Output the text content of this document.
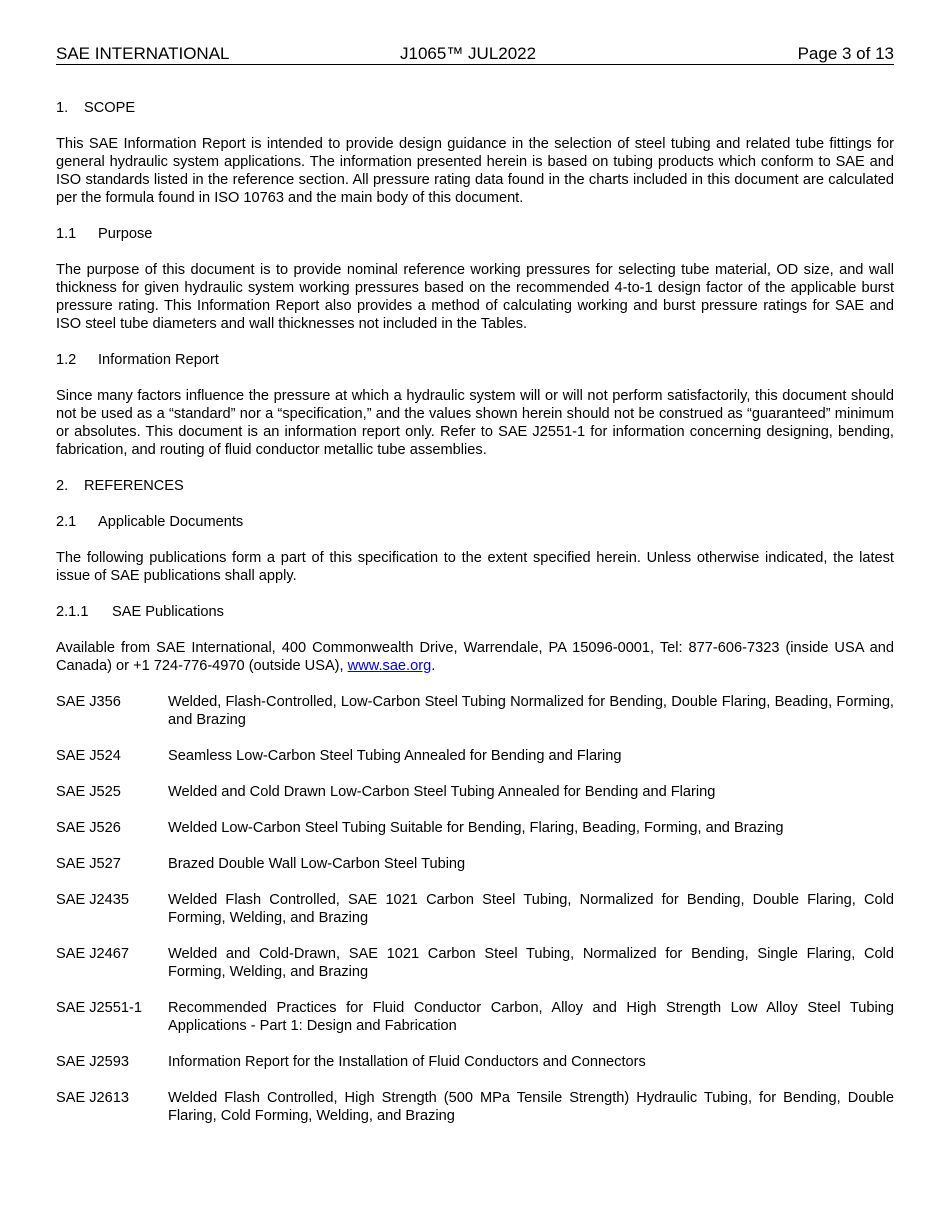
SAE INTERNATIONAL	J1065™ JUL2022	Page 3 of 13

1. SCOPE

This SAE Information Report is intended to provide design guidance in the selection of steel tubing and related tube fittings for general hydraulic system applications. The information presented herein is based on tubing products which conform to SAE and ISO standards listed in the reference section. All pressure rating data found in the charts included in this document are calculated per the formula found in ISO 10763 and the main body of this document.

1.1 Purpose

The purpose of this document is to provide nominal reference working pressures for selecting tube material, OD size, and wall thickness for given hydraulic system working pressures based on the recommended 4-to-1 design factor of the applicable burst pressure rating. This Information Report also provides a method of calculating working and burst pressure ratings for SAE and ISO steel tube diameters and wall thicknesses not included in the Tables.

1.2 Information Report

Since many factors influence the pressure at which a hydraulic system will or will not perform satisfactorily, this document should not be used as a “standard” nor a “specification,” and the values shown herein should not be construed as “guaranteed” minimum or absolutes. This document is an information report only. Refer to SAE J2551-1 for information concerning designing, bending, fabrication, and routing of fluid conductor metallic tube assemblies.

2. REFERENCES

2.1 Applicable Documents

The following publications form a part of this specification to the extent specified herein. Unless otherwise indicated, the latest issue of SAE publications shall apply.

2.1.1 SAE Publications

Available from SAE International, 400 Commonwealth Drive, Warrendale, PA 15096-0001, Tel: 877-606-7323 (inside USA and Canada) or +1 724-776-4970 (outside USA), www.sae.org.

SAE J356	Welded, Flash-Controlled, Low-Carbon Steel Tubing Normalized for Bending, Double Flaring, Beading, Forming, and Brazing
SAE J524	Seamless Low-Carbon Steel Tubing Annealed for Bending and Flaring
SAE J525	Welded and Cold Drawn Low-Carbon Steel Tubing Annealed for Bending and Flaring
SAE J526	Welded Low-Carbon Steel Tubing Suitable for Bending, Flaring, Beading, Forming, and Brazing
SAE J527	Brazed Double Wall Low-Carbon Steel Tubing
SAE J2435	Welded Flash Controlled, SAE 1021 Carbon Steel Tubing, Normalized for Bending, Double Flaring, Cold Forming, Welding, and Brazing
SAE J2467	Welded and Cold-Drawn, SAE 1021 Carbon Steel Tubing, Normalized for Bending, Single Flaring, Cold Forming, Welding, and Brazing
SAE J2551-1	Recommended Practices for Fluid Conductor Carbon, Alloy and High Strength Low Alloy Steel Tubing Applications - Part 1: Design and Fabrication
SAE J2593	Information Report for the Installation of Fluid Conductors and Connectors
SAE J2613	Welded Flash Controlled, High Strength (500 MPa Tensile Strength) Hydraulic Tubing, for Bending, Double Flaring, Cold Forming, Welding, and Brazing
